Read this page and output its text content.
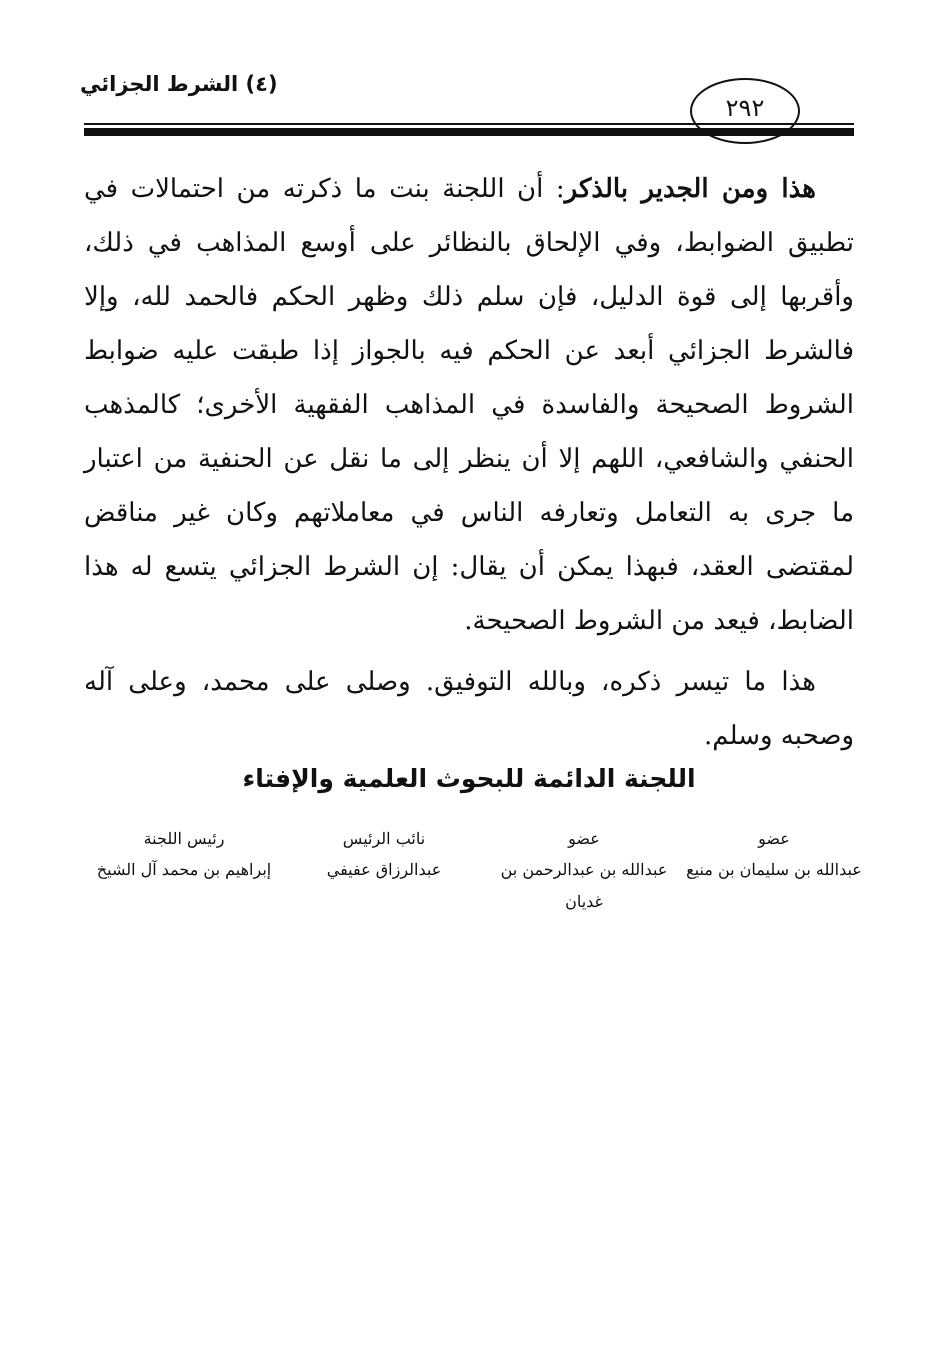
(٤) الشرط الجزائي
٢٩٢

هذا ومن الجدير بالذكر: أن اللجنة بنت ما ذكرته من احتمالات في تطبيق الضوابط، وفي الإلحاق بالنظائر على أوسع المذاهب في ذلك، وأقربها إلى قوة الدليل، فإن سلم ذلك وظهر الحكم فالحمد لله، وإلا فالشرط الجزائي أبعد عن الحكم فيه بالجواز إذا طبقت عليه ضوابط الشروط الصحيحة والفاسدة في المذاهب الفقهية الأخرى؛ كالمذهب الحنفي والشافعي، اللهم إلا أن ينظر إلى ما نقل عن الحنفية من اعتبار ما جرى به التعامل وتعارفه الناس في معاملاتهم وكان غير مناقض لمقتضى العقد، فبهذا يمكن أن يقال: إن الشرط الجزائي يتسع له هذا الضابط، فيعد من الشروط الصحيحة.

هذا ما تيسر ذكره، وبالله التوفيق. وصلى على محمد، وعلى آله وصحبه وسلم.

اللجنة الدائمة للبحوث العلمية والإفتاء
عضو
عبدالله بن سليمان بن منيع
عضو
عبدالله بن عبدالرحمن بن غديان
نائب الرئيس
عبدالرزاق عفيفي
رئيس اللجنة
إبراهيم بن محمد آل الشيخ
